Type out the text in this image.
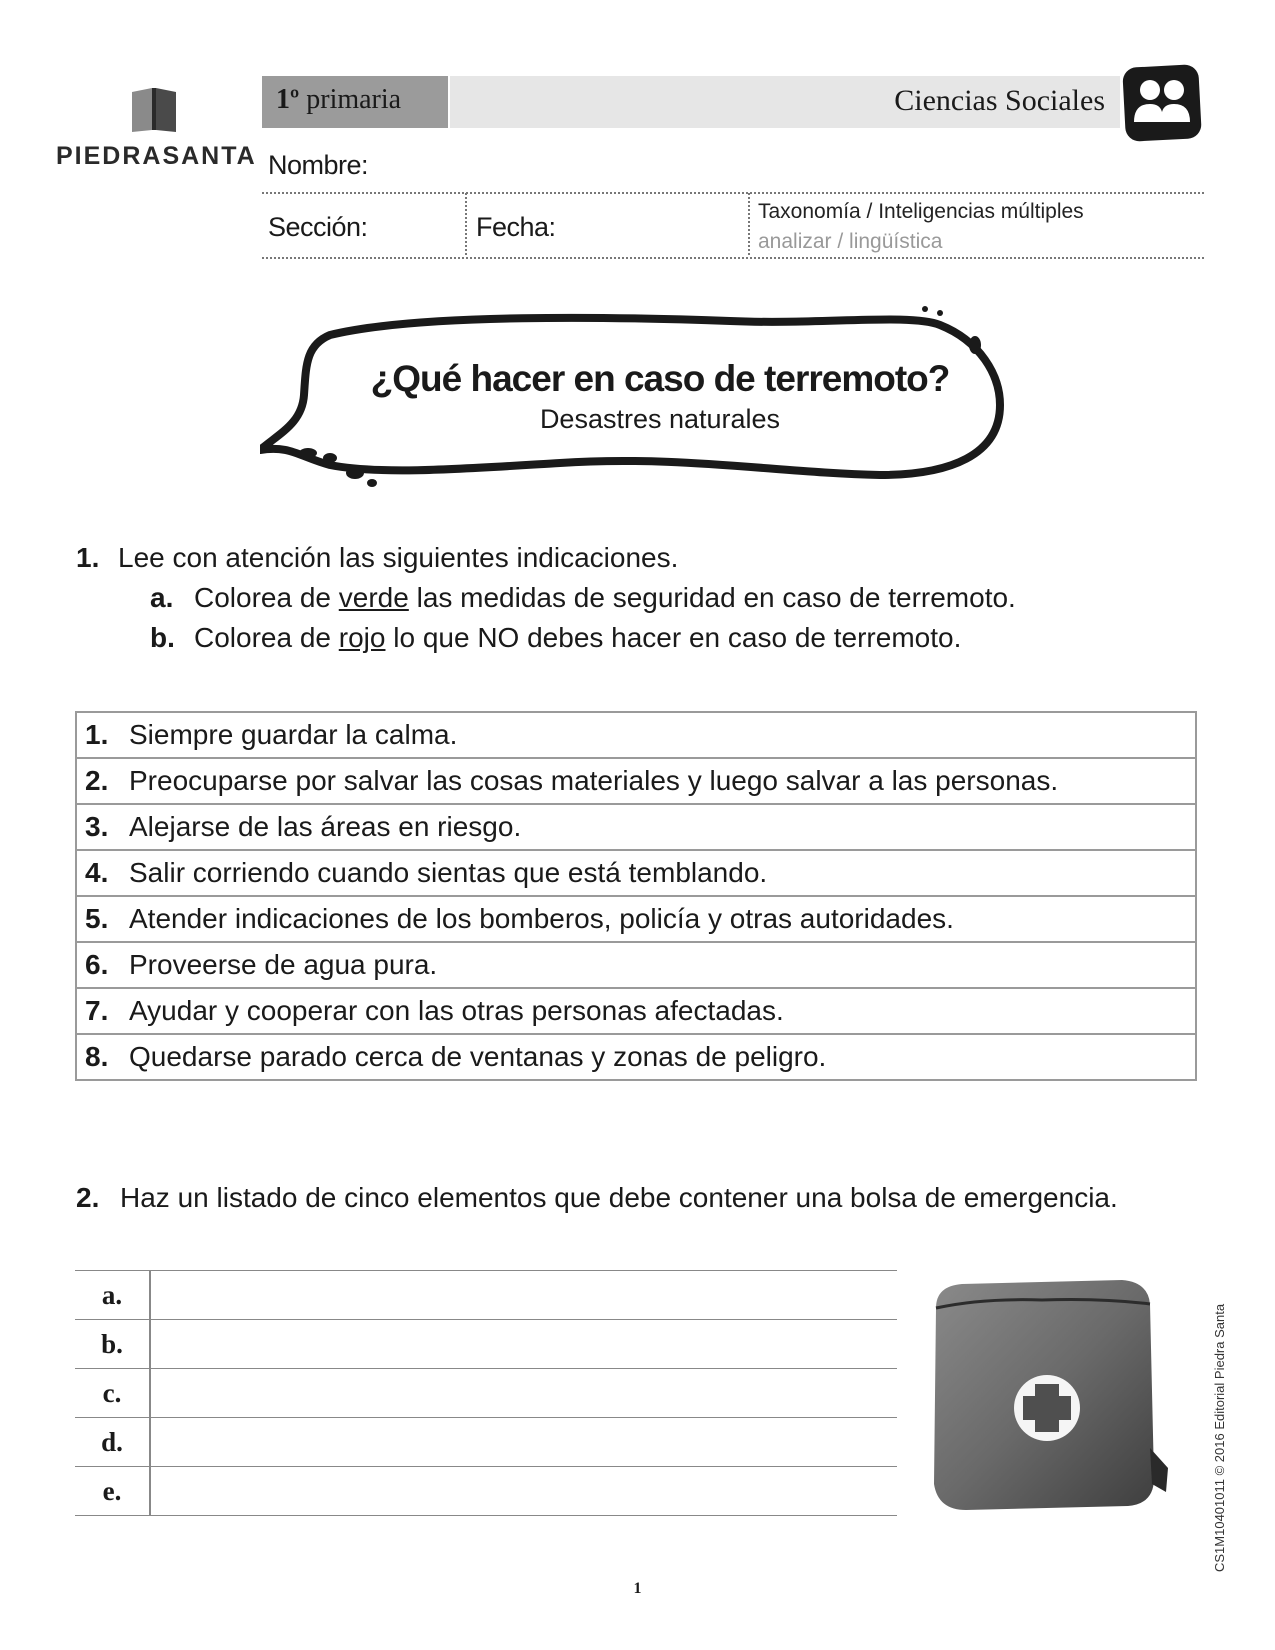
PIEDRASANTA
1º primaria	Ciencias Sociales
Nombre:
Sección:	Fecha:
Taxonomía / Inteligencias múltiples
analizar / lingüística
¿Qué hacer en caso de terremoto?
Desastres naturales
1. Lee con atención las siguientes indicaciones.
a. Colorea de verde las medidas de seguridad en caso de terremoto.
b. Colorea de rojo lo que NO debes hacer en caso de terremoto.
1. Siempre guardar la calma.
2. Preocuparse por salvar las cosas materiales y luego salvar a las personas.
3. Alejarse de las áreas en riesgo.
4. Salir corriendo cuando sientas que está temblando.
5. Atender indicaciones de los bomberos, policía y otras autoridades.
6. Proveerse de agua pura.
7. Ayudar y cooperar con las otras personas afectadas.
8. Quedarse parado cerca de ventanas y zonas de peligro.
2. Haz un listado de cinco elementos que debe contener una bolsa de emergencia.
a.	
b.	
c.	
d.	
e.		CS1M10401011 © 2016 Editorial Piedra Santa
1
